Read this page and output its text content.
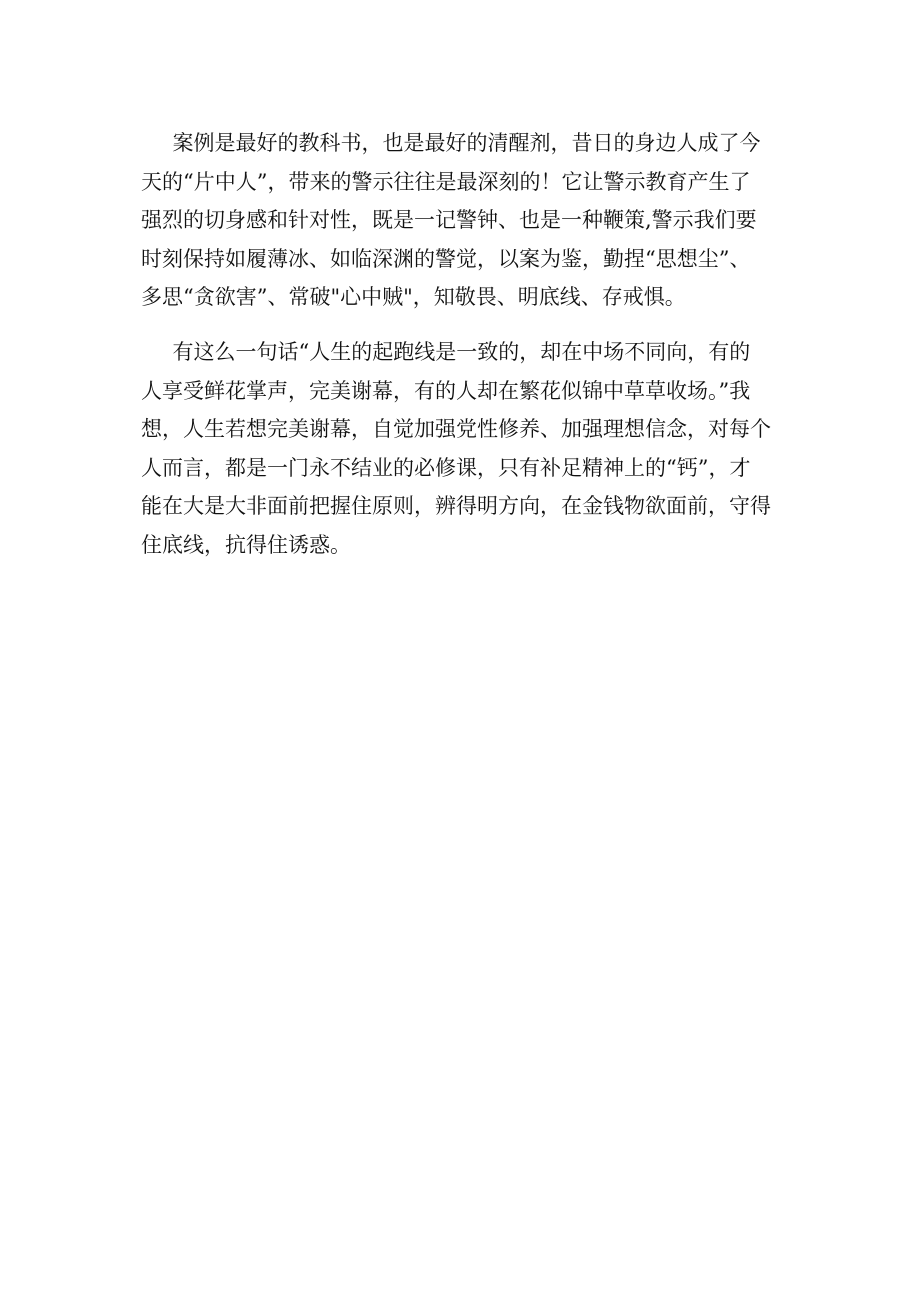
案例是最好的教科书，也是最好的清醒剂，昔日的身边人成了今
天的“片中人”，带来的警示往往是最深刻的！它让警示教育产生了
强烈的切身感和针对性，既是一记警钟、也是一种鞭策,警示我们要
时刻保持如履薄冰、如临深渊的警觉，以案为鉴，勤捏“思想尘”、
多思“贪欲害”、常破"心中贼"，知敬畏、明底线、存戒惧。

有这么一句话“人生的起跑线是一致的，却在中场不同向，有的
人享受鲜花掌声，完美谢幕，有的人却在繁花似锦中草草收场。”我
想，人生若想完美谢幕，自觉加强党性修养、加强理想信念，对每个
人而言，都是一门永不结业的必修课，只有补足精神上的“钙”，才
能在大是大非面前把握住原则，辨得明方向，在金钱物欲面前，守得
住底线，抗得住诱惑。
